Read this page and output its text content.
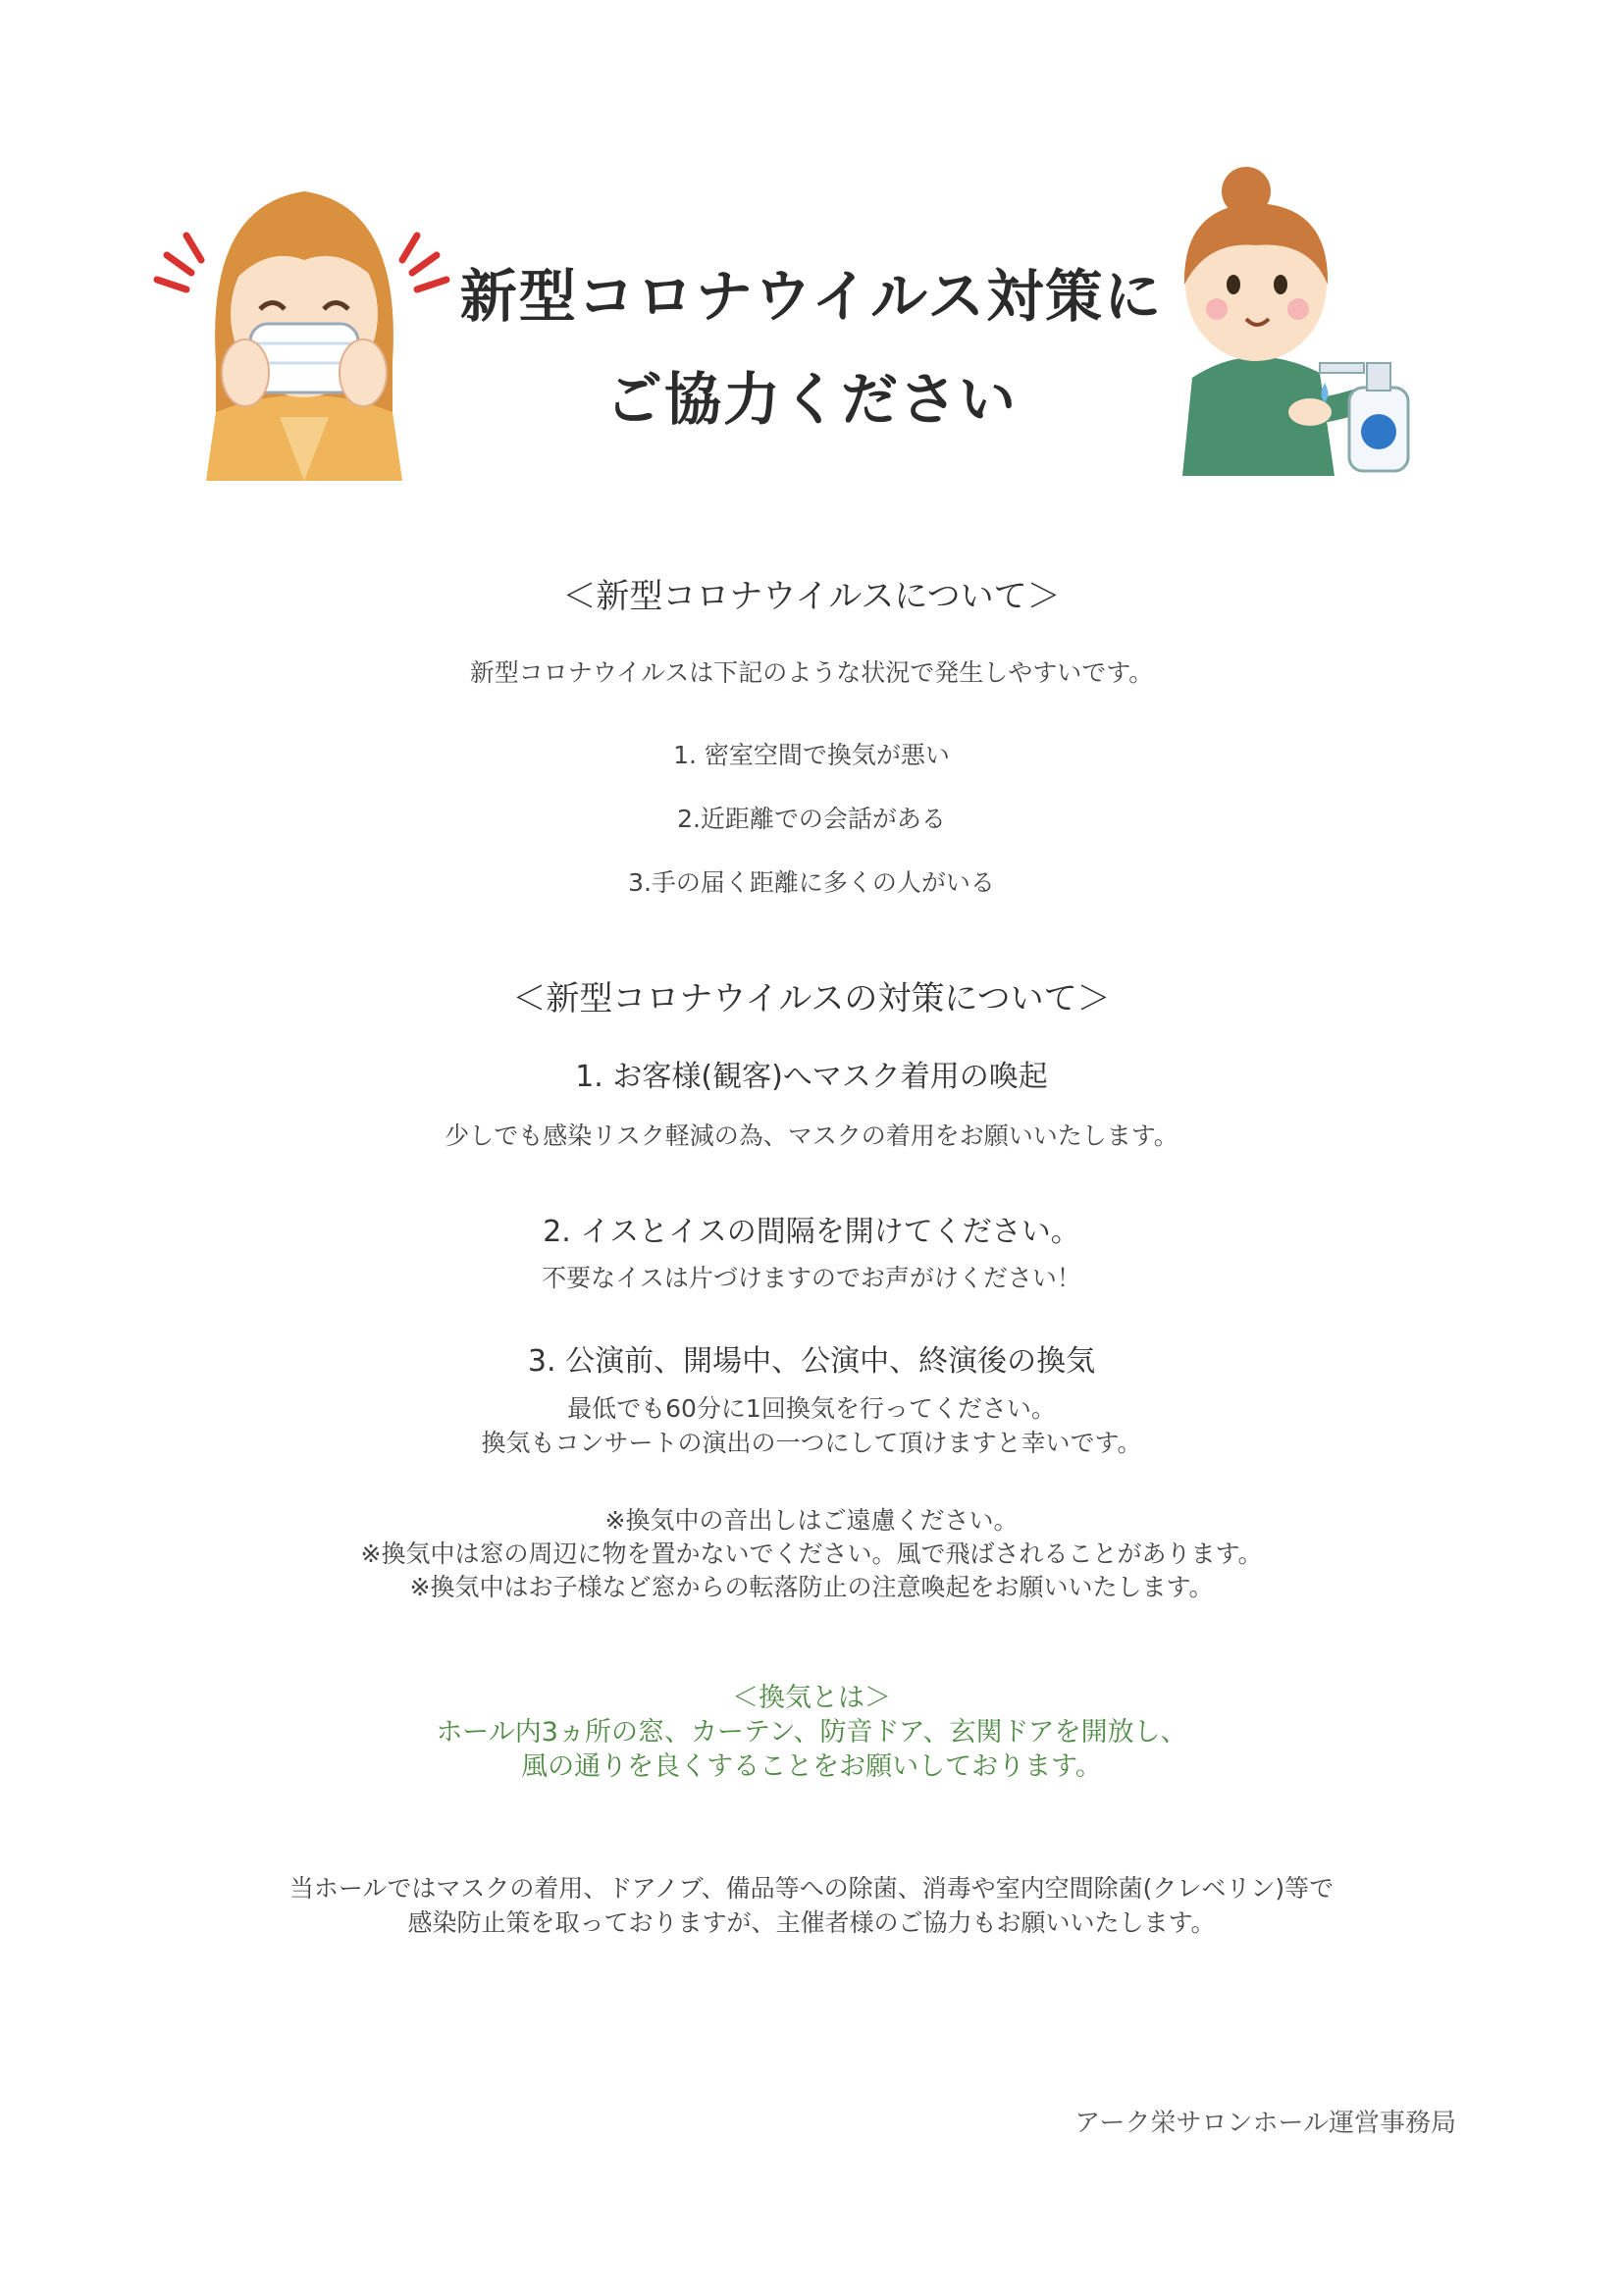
新型コロナウイルス対策に
ご協力ください
＜新型コロナウイルスについて＞
新型コロナウイルスは下記のような状況で発生しやすいです。
1. 密室空間で換気が悪い
2.近距離での会話がある
3.手の届く距離に多くの人がいる
＜新型コロナウイルスの対策について＞
1. お客様(観客)へマスク着用の喚起
少しでも感染リスク軽減の為、マスクの着用をお願いいたします。
2. イスとイスの間隔を開けてください。
不要なイスは片づけますのでお声がけください！
3. 公演前、開場中、公演中、終演後の換気
最低でも60分に1回換気を行ってください。
換気もコンサートの演出の一つにして頂けますと幸いです。
※換気中の音出しはご遠慮ください。
※換気中は窓の周辺に物を置かないでください。風で飛ばされることがあります。
※換気中はお子様など窓からの転落防止の注意喚起をお願いいたします。
＜換気とは＞
ホール内3ヵ所の窓、カーテン、防音ドア、玄関ドアを開放し、
風の通りを良くすることをお願いしております。
当ホールではマスクの着用、ドアノブ、備品等への除菌、消毒や室内空間除菌(クレベリン)等で
感染防止策を取っておりますが、主催者様のご協力もお願いいたします。
アーク栄サロンホール運営事務局
